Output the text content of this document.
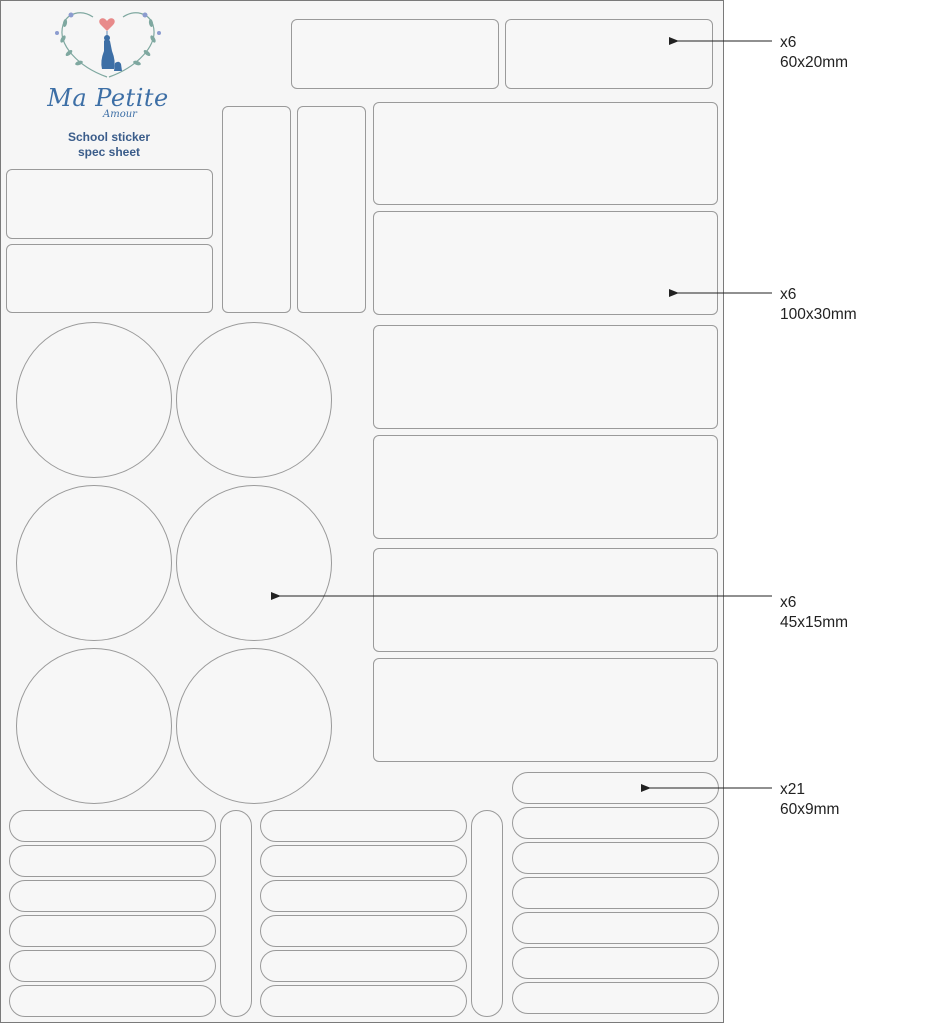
Ma Petite
Amour
School sticker
spec sheet
x6
60x20mm
x6
100x30mm
x6
45x15mm
x21
60x9mm
